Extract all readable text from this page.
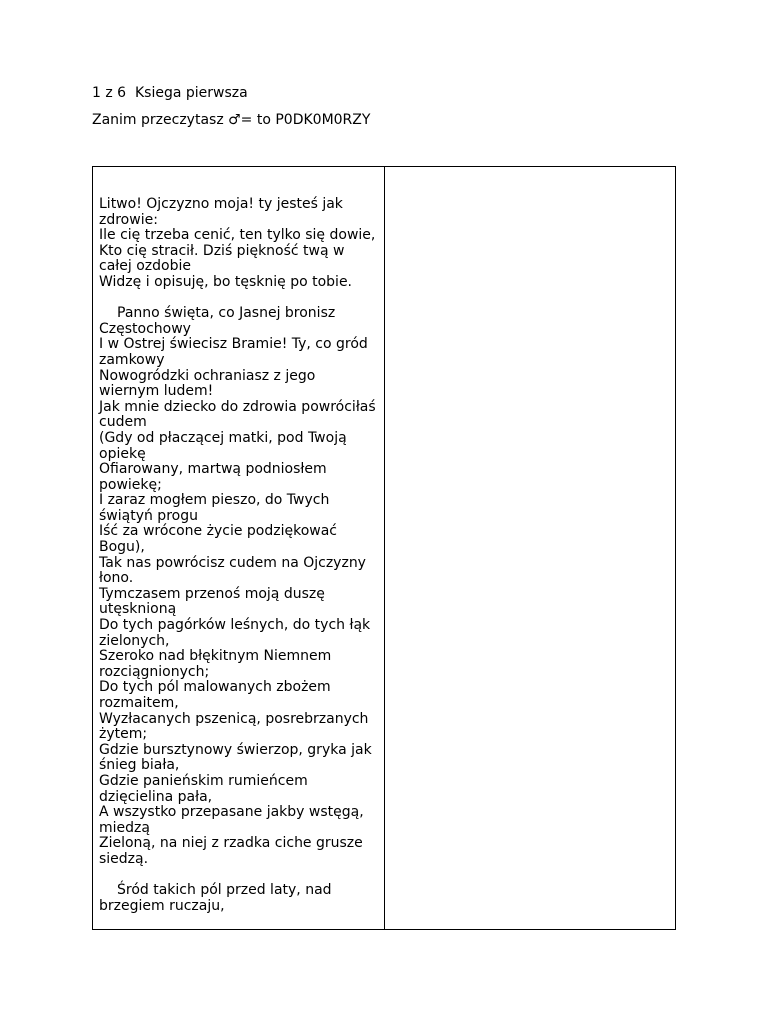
1 z 6  Ksiega pierwsza
Zanim przeczytasz ♂= to P0DK0M0RZY
Litwo! Ojczyzno moja! ty jesteś jak zdrowie:
Ile cię trzeba cenić, ten tylko się dowie,
Kto cię stracił. Dziś piękność twą w całej ozdobie
Widzę i opisuję, bo tęsknię po tobie.
Panno święta, co Jasnej bronisz Częstochowy
I w Ostrej świecisz Bramie! Ty, co gród zamkowy
Nowogródzki ochraniasz z jego wiernym ludem!
Jak mnie dziecko do zdrowia powróciłaś cudem
(Gdy od płaczącej matki, pod Twoją opiekę
Ofiarowany, martwą podniosłem powiekę;
I zaraz mogłem pieszo, do Twych świątyń progu
Iść za wrócone życie podziękować Bogu),
Tak nas powrócisz cudem na Ojczyzny łono.
Tymczasem przenoś moją duszę utęsknioną
Do tych pagórków leśnych, do tych łąk zielonych,
Szeroko nad błękitnym Niemnem rozciągnionych;
Do tych pól malowanych zbożem rozmaitem,
Wyzłacanych pszenicą, posrebrzanych żytem;
Gdzie bursztynowy świerzop, gryka jak śnieg biała,
Gdzie panieńskim rumieńcem dzięcielina pała,
A wszystko przepasane jakby wstęgą, miedzą
Zieloną, na niej z rzadka ciche grusze siedzą.
Śród takich pól przed laty, nad brzegiem ruczaju,
